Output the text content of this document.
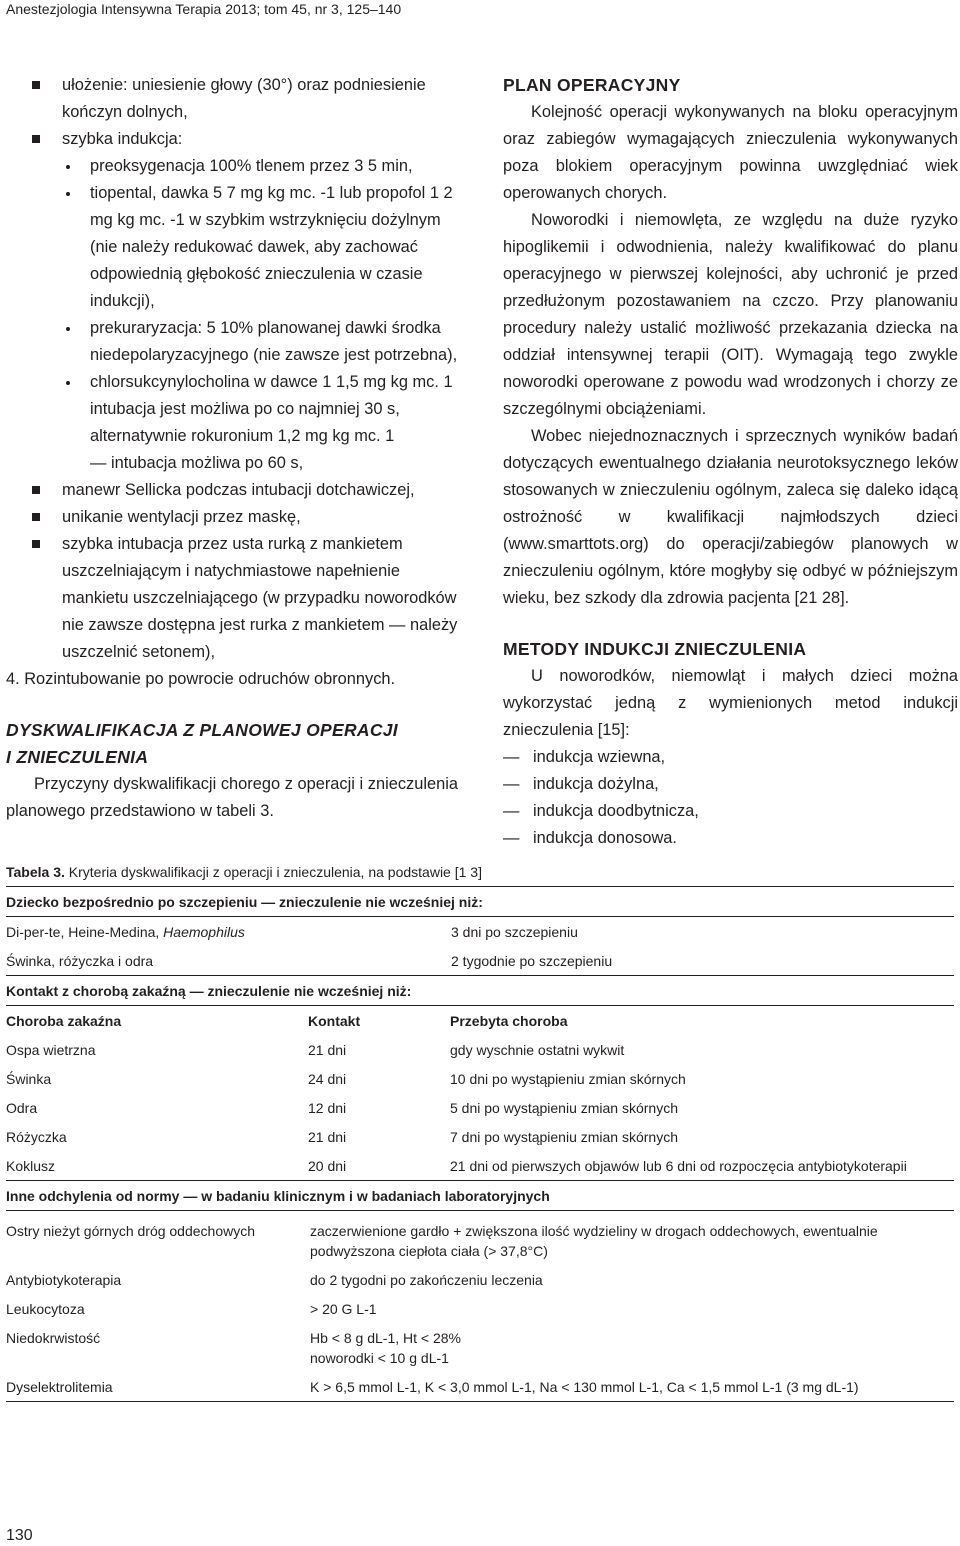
Anestezjologia Intensywna Terapia 2013; tom 45, nr 3, 125–140
ułożenie: uniesienie głowy (30°) oraz podniesienie kończyn dolnych,
szybka indukcja:
preoksygenacja 100% tlenem przez 3 5 min,
tiopental, dawka 5 7 mg kg mc. -1 lub propofol 1 2 mg kg mc. -1 w szybkim wstrzyknięciu dożylnym (nie należy redukować dawek, aby zachować odpowiednią głębokość znieczulenia w czasie indukcji),
prekuraryzacja: 5 10% planowanej dawki środka niedepolaryzacyjnego (nie zawsze jest potrzebna),
chlorsukcynylocholina w dawce 1 1,5 mg kg mc. 1 intubacja jest możliwa po co najmniej 30 s, alternatywnie rokuronium 1,2 mg kg mc. 1
— intubacja możliwa po 60 s,
manewr Sellicka podczas intubacji dotchawiczej,
unikanie wentylacji przez maskę,
szybka intubacja przez usta rurką z mankietem uszczelniającym i natychmiastowe napełnienie mankietu uszczelniającego (w przypadku noworodków nie zawsze dostępna jest rurka z mankietem — należy uszczelnić setonem),
4. Rozintubowanie po powrocie odruchów obronnych.
DYSKWALIFIKACJA Z PLANOWEJ OPERACJI
I ZNIECZULENIA
Przyczyny dyskwalifikacji chorego z operacji i znieczulenia planowego przedstawiono w tabeli 3.
PLAN OPERACYJNY
Kolejność operacji wykonywanych na bloku operacyjnym oraz zabiegów wymagających znieczulenia wykonywanych poza blokiem operacyjnym powinna uwzględniać wiek operowanych chorych.
Noworodki i niemowlęta, ze względu na duże ryzyko hipoglikemii i odwodnienia, należy kwalifikować do planu operacyjnego w pierwszej kolejności, aby uchronić je przed przedłużonym pozostawaniem na czczo. Przy planowaniu procedury należy ustalić możliwość przekazania dziecka na oddział intensywnej terapii (OIT). Wymagają tego zwykle noworodki operowane z powodu wad wrodzonych i chorzy ze szczególnymi obciążeniami.
Wobec niejednoznacznych i sprzecznych wyników badań dotyczących ewentualnego działania neurotoksycznego leków stosowanych w znieczuleniu ogólnym, zaleca się daleko idącą ostrożność w kwalifikacji najmłodszych dzieci (www.smarttots.org) do operacji/zabiegów planowych w znieczuleniu ogólnym, które mogłyby się odbyć w późniejszym wieku, bez szkody dla zdrowia pacjenta [21 28].
METODY INDUKCJI ZNIECZULENIA
U noworodków, niemowląt i małych dzieci można wykorzystać jedną z wymienionych metod indukcji znieczulenia [15]:
— indukcja wziewna,
— indukcja dożylna,
— indukcja doodbytnicza,
— indukcja donosowa.
Tabela 3. Kryteria dyskwalifikacji z operacji i znieczulenia, na podstawie [1 3]
Dziecko bezpośrednio po szczepieniu — znieczulenie nie wcześniej niż:
Di-per-te, Heine-Medina, Haemophilus	3 dni po szczepieniu
Świnka, różyczka i odra	2 tygodnie po szczepieniu
Kontakt z chorobą zakaźną — znieczulenie nie wcześniej niż:
Choroba zakaźna	Kontakt	Przebyta choroba
Ospa wietrzna	21 dni	gdy wyschnie ostatni wykwit
Świnka	24 dni	10 dni po wystąpieniu zmian skórnych
Odra	12 dni	5 dni po wystąpieniu zmian skórnych
Różyczka	21 dni	7 dni po wystąpieniu zmian skórnych
Koklusz	20 dni	21 dni od pierwszych objawów lub 6 dni od rozpoczęcia antybiotykoterapii
Inne odchylenia od normy — w badaniu klinicznym i w badaniach laboratoryjnych
Ostry nieżyt górnych dróg oddechowych	zaczerwienione gardło + zwiększona ilość wydzieliny w drogach oddechowych, ewentualnie
podwyższona ciepłota ciała (> 37,8°C)
Antybiotykoterapia	do 2 tygodni po zakończeniu leczenia
Leukocytoza	> 20 G L-1
Niedokrwistość	Hb < 8 g dL-1, Ht < 28%
noworodki < 10 g dL-1
Dyselektrolitemia	K > 6,5 mmol L-1, K < 3,0 mmol L-1, Na < 130 mmol L-1, Ca < 1,5 mmol L-1 (3 mg dL-1)
130
